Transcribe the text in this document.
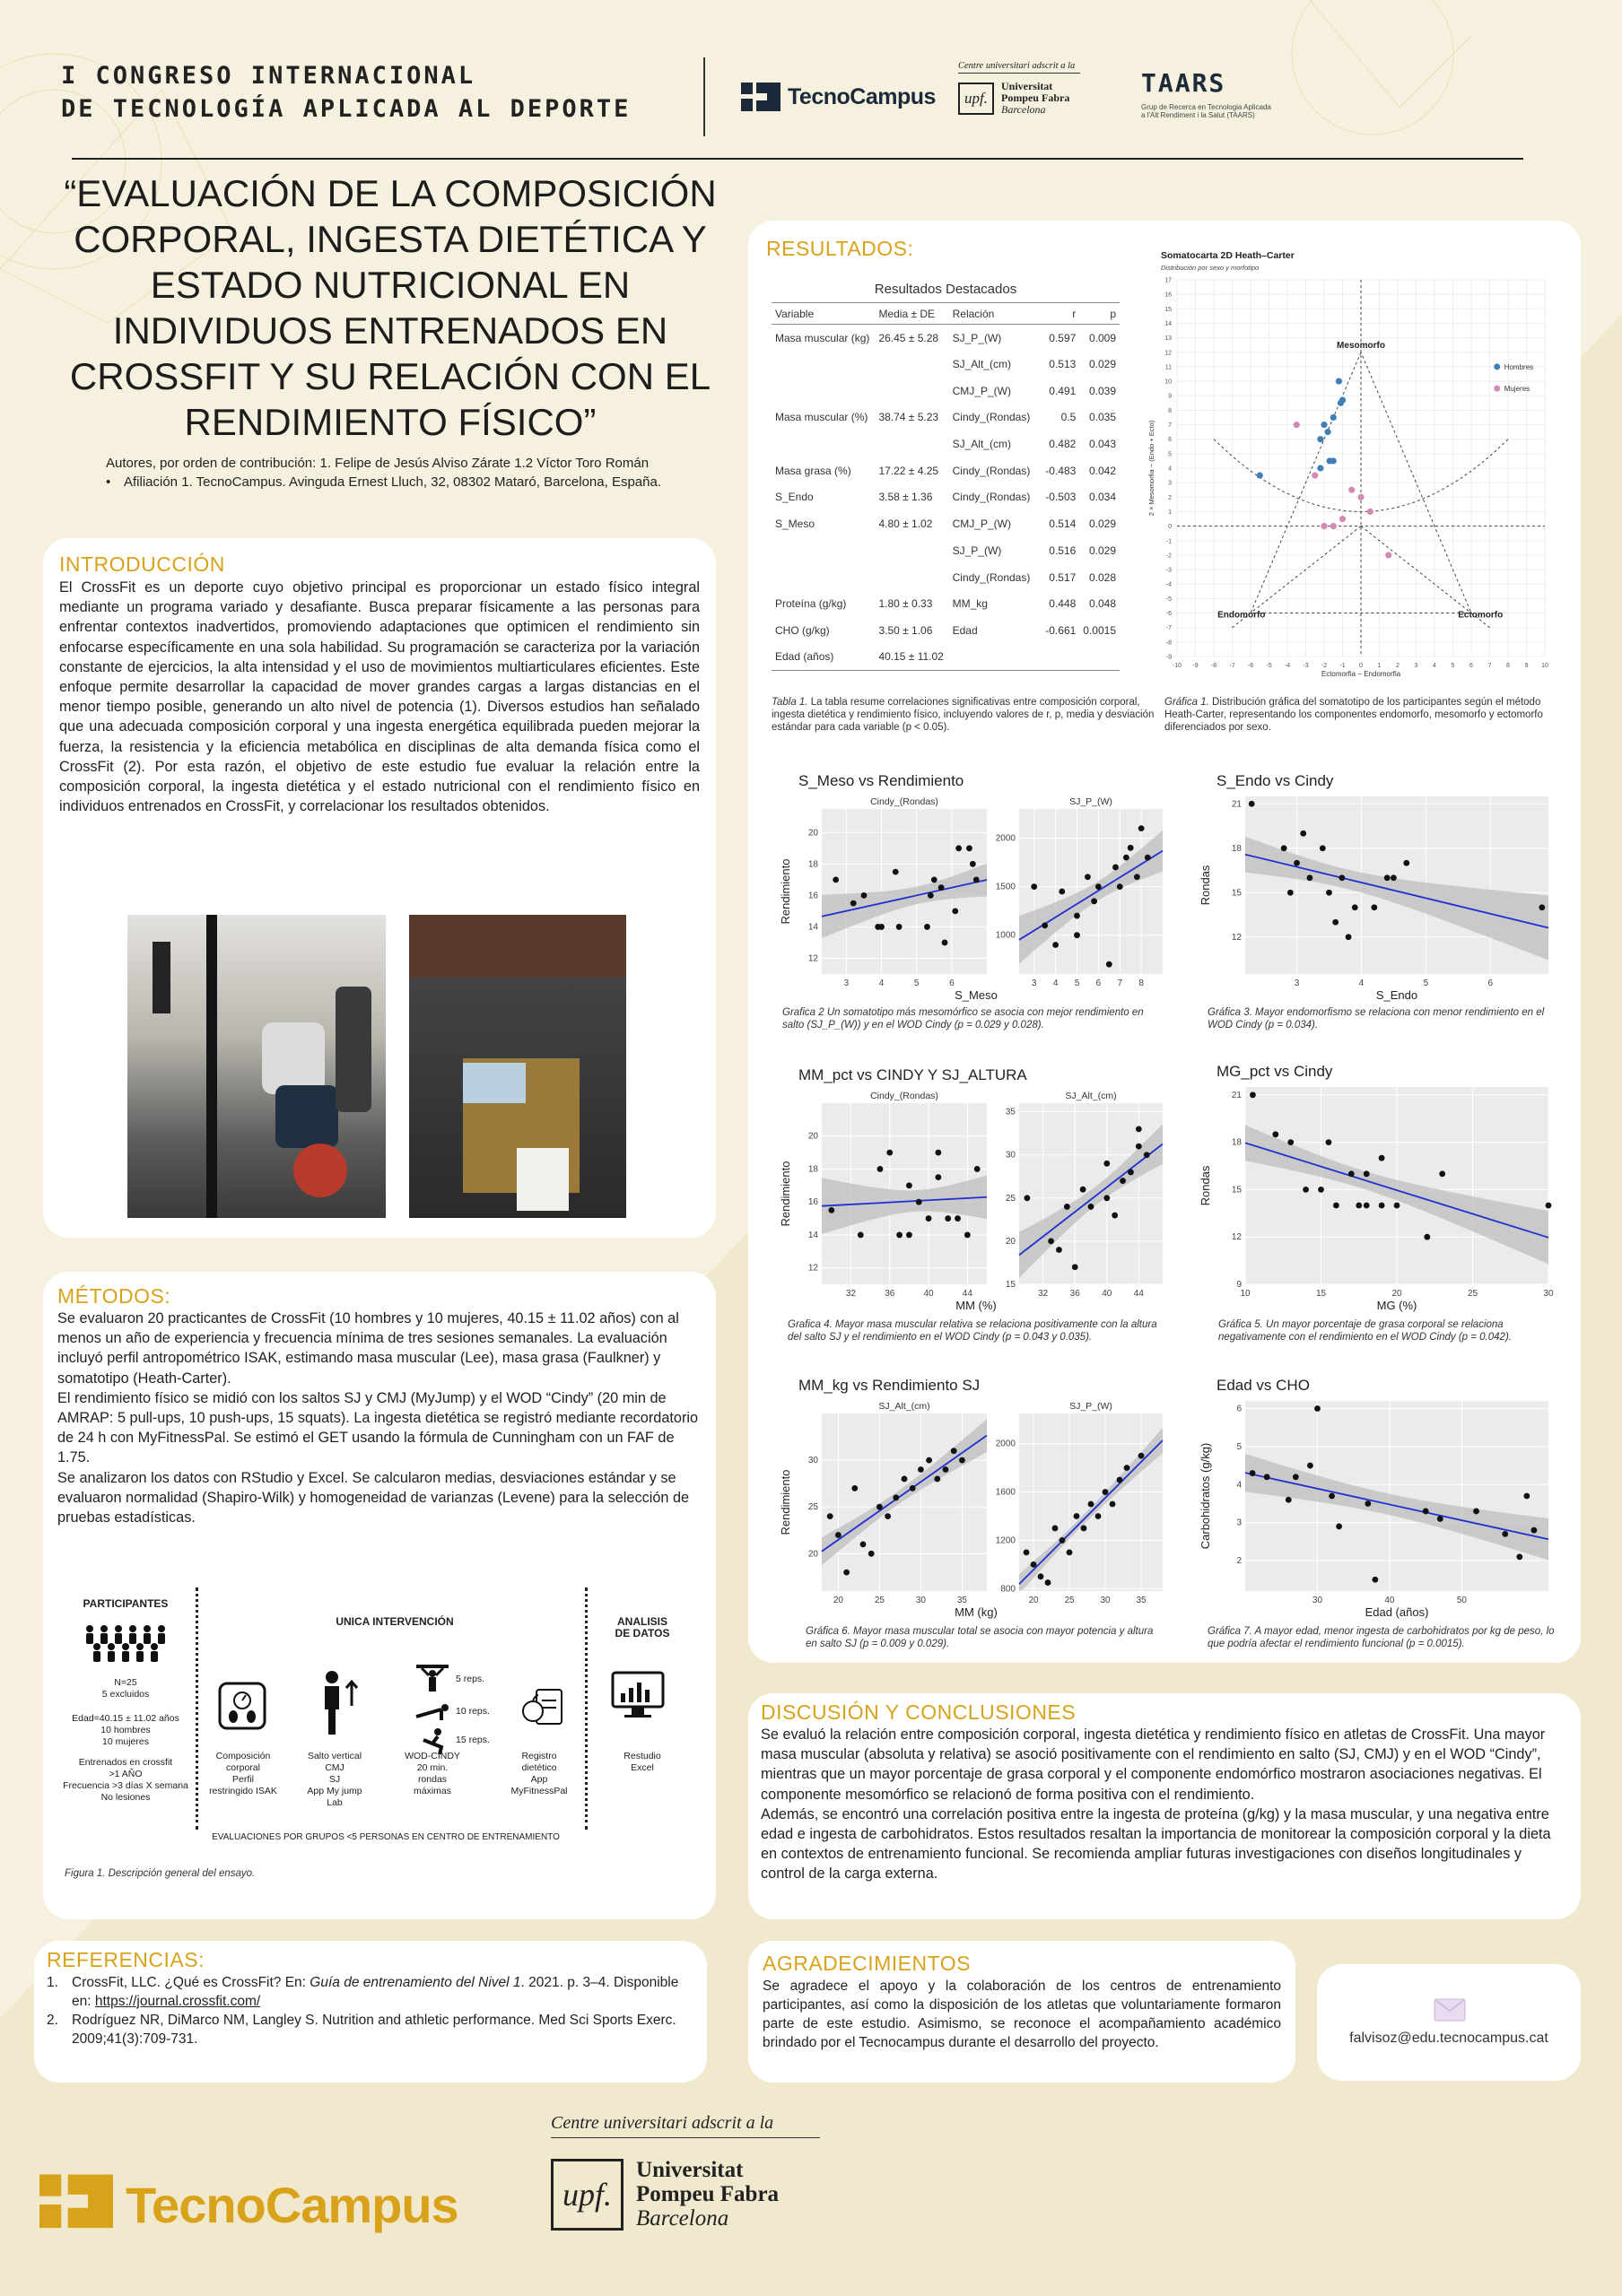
I CONGRESO INTERNACIONAL
DE TECNOLOGÍA APLICADA AL DEPORTE	TecnoCampus
Centre universitari adscrit a la
upf.
Universitat
Pompeu Fabra
Barcelona
TAARS
Grup de Recerca en Tecnologia Aplicada
a l'Alt Rendiment i la Salut (TAARS)
“EVALUACIÓN DE LA COMPOSICIÓN
CORPORAL, INGESTA DIETÉTICA Y
ESTADO NUTRICIONAL EN
INDIVIDUOS ENTRENADOS EN
CROSSFIT Y SU RELACIÓN CON EL
RENDIMIENTO FÍSICO”
Autores, por orden de contribución: 1. Felipe de Jesús Alviso Zárate 1.2 Víctor Toro Román
• Afiliación 1. TecnoCampus. Avinguda Ernest Lluch, 32, 08302 Mataró, Barcelona, España.
INTRODUCCIÓN
El CrossFit es un deporte cuyo objetivo principal es proporcionar un estado físico integral mediante un programa variado y desafiante. Busca preparar físicamente a las personas para enfrentar contextos inadvertidos, promoviendo adaptaciones que optimicen el rendimiento sin enfocarse específicamente en una sola habilidad. Su programación se caracteriza por la variación constante de ejercicios, la alta intensidad y el uso de movimientos multiarticulares eficientes. Este enfoque permite desarrollar la capacidad de mover grandes cargas a largas distancias en el menor tiempo posible, generando un alto nivel de potencia (1). Diversos estudios han señalado que una adecuada composición corporal y una ingesta energética equilibrada pueden mejorar la fuerza, la resistencia y la eficiencia metabólica en disciplinas de alta demanda física como el CrossFit (2). Por esta razón, el objetivo de este estudio fue evaluar la relación entre la composición corporal, la ingesta dietética y el estado nutricional con el rendimiento físico en individuos entrenados en CrossFit, y correlacionar los resultados obtenidos.
MÉTODOS:
Se evaluaron 20 practicantes de CrossFit (10 hombres y 10 mujeres, 40.15 ± 11.02 años) con al menos un año de experiencia y frecuencia mínima de tres sesiones semanales. La evaluación incluyó perfil antropométrico ISAK, estimando masa muscular (Lee), masa grasa (Faulkner) y somatotipo (Heath-Carter).
El rendimiento físico se midió con los saltos SJ y CMJ (MyJump) y el WOD “Cindy” (20 min de AMRAP: 5 pull-ups, 10 push-ups, 15 squats). La ingesta dietética se registró mediante recordatorio de 24 h con MyFitnessPal. Se estimó el GET usando la fórmula de Cunningham con un FAF de 1.75.
Se analizaron los datos con RStudio y Excel. Se calcularon medias, desviaciones estándar y se evaluaron normalidad (Shapiro-Wilk) y homogeneidad de varianzas (Levene) para la selección de pruebas estadísticas.
PARTICIPANTES
N=25
5 excluidos
Edad=40.15 ± 11.02 años
10 hombres
10 mujeres
Entrenados en crossfit
>1 AÑO
Frecuencia >3 días X semana
No lesiones
UNICA INTERVENCIÓN	ANALISIS
DE DATOS
5 reps.
10 reps.
15 reps.
Composición
corporal
Perfil
restringido ISAK
Salto vertical
CMJ
SJ
App My jump
Lab
WOD-CINDY
20 min.
rondas
máximas
Registro
dietético
App
MyFitnessPal
Restudio
Excel
EVALUACIONES POR GRUPOS <5 PERSONAS EN CENTRO DE ENTRENAMIENTO
Figura 1. Descripción general del ensayo.
RESULTADOS:
Resultados Destacados
Variable	Media ± DE	Relación	r	p
Masa muscular (kg)	26.45 ± 5.28	SJ_P_(W)	0.597	0.009
		SJ_Alt_(cm)	0.513	0.029
		CMJ_P_(W)	0.491	0.039
Masa muscular (%)	38.74 ± 5.23	Cindy_(Rondas)	0.5	0.035
		SJ_Alt_(cm)	0.482	0.043
Masa grasa (%)	17.22 ± 4.25	Cindy_(Rondas)	-0.483	0.042
S_Endo	3.58 ± 1.36	Cindy_(Rondas)	-0.503	0.034
S_Meso	4.80 ± 1.02	CMJ_P_(W)	0.514	0.029
		SJ_P_(W)	0.516	0.029
		Cindy_(Rondas)	0.517	0.028
Proteína (g/kg)	1.80 ± 0.33	MM_kg	0.448	0.048
CHO (g/kg)	3.50 ± 1.06	Edad	-0.661	0.0015
Edad (años)	40.15 ± 11.02			
Tabla 1. La tabla resume correlaciones significativas entre composición corporal, ingesta dietética y rendimiento físico, incluyendo valores de r, p, media y desviación estándar para cada variable (p < 0.05).
Somatocarta 2D Heath–Carter
Distribución por sexo y morfotipo
-10 -9 -8 -7 -6 -5 -4 -3 -2 -1 0 1 2 3 4 5 6 7 8 9 10
-9
-8
-7
-6
-5
-4
-3
-2
-1
0
1
2
3
4
5
6
7
8
9
10
11
12
13
14
15
16
17
Mesomorfo
Endomorfo	Ectomorfo
Hombres
Mujeres
Ectomorfia − Endomorfia
2 × Mesomorfia − (Endo + Ecto)
Gráfica 1. Distribución gráfica del somatotipo de los participantes según el método Heath-Carter, representando los componentes endomorfo, mesomorfo y ectomorfo diferenciados por sexo.
S_Meso vs Rendimiento
Rendimiento
3	4	5	6
12
14
16
18
20
Cindy_(Rondas)
3 4 5 6 7 8
1000
1500
2000
SJ_P_(W)
S_Meso
S_Endo vs Cindy
Rondas
3	4	5	6
12
15
18
21
S_Endo
Grafica 2 Un somatotipo más mesomórfico se asocia con mejor rendimiento en salto (SJ_P_(W)) y en el WOD Cindy (p = 0.029 y 0.028).
Gráfica 3. Mayor endomorfismo se relaciona con menor rendimiento en el WOD Cindy (p = 0.034).
MM_pct vs CINDY Y SJ_ALTURA
Rendimiento
32	36	40	44
12
14
16
18
20
Cindy_(Rondas)
32 36 40 44
15
20
25
30
35
SJ_Alt_(cm)
MM (%)
MG_pct vs Cindy
Rondas
10	15	20	25	30
9
12
15
18
21
MG (%)
Grafica 4. Mayor masa muscular relativa se relaciona positivamente con la altura del salto SJ y el rendimiento en el WOD Cindy (p = 0.043 y 0.035).
Gráfica 5. Un mayor porcentaje de grasa corporal se relaciona negativamente con el rendimiento en el WOD Cindy (p = 0.042).
MM_kg vs Rendimiento SJ
Rendimiento
20	25	30	35
20
25
30
SJ_Alt_(cm)
20	25	30	35
800
1200
1600
2000
SJ_P_(W)
MM (kg)
Edad vs CHO
Carbohidratos (g/kg)
30	40	50
2
3
4
5
6
Edad (años)
Gráfica 6. Mayor masa muscular total se asocia con mayor potencia y altura en salto SJ (p = 0.009 y 0.029).
Gráfica 7. A mayor edad, menor ingesta de carbohidratos por kg de peso, lo que podría afectar el rendimiento funcional (p = 0.0015).
DISCUSIÓN Y CONCLUSIONES
Se evaluó la relación entre composición corporal, ingesta dietética y rendimiento físico en atletas de CrossFit. Una mayor masa muscular (absoluta y relativa) se asoció positivamente con el rendimiento en salto (SJ, CMJ) y en el WOD “Cindy”, mientras que un mayor porcentaje de grasa corporal y el componente endomórfico mostraron asociaciones negativas. El componente mesomórfico se relacionó de forma positiva con el rendimiento.
Además, se encontró una correlación positiva entre la ingesta de proteína (g/kg) y la masa muscular, y una negativa entre edad e ingesta de carbohidratos. Estos resultados resaltan la importancia de monitorear la composición corporal y la dieta en contextos de entrenamiento funcional. Se recomienda ampliar futuras investigaciones con diseños longitudinales y control de la carga externa.
REFERENCIAS:
1. CrossFit, LLC. ¿Qué es CrossFit? En: Guía de entrenamiento del Nivel 1. 2021. p. 3–4. Disponible en: https://journal.crossfit.com/
2. Rodríguez NR, DiMarco NM, Langley S. Nutrition and athletic performance. Med Sci Sports Exerc. 2009;41(3):709-731.
AGRADECIMIENTOS
Se agradece el apoyo y la colaboración de los centros de entrenamiento participantes, así como la disposición de los atletas que voluntariamente formaron parte de este estudio. Asimismo, se reconoce el acompañamiento académico brindado por el Tecnocampus durante el desarrollo del proyecto.	falvisoz@edu.tecnocampus.cat
TecnoCampus
Centre universitari adscrit a la
upf.
Universitat
Pompeu Fabra
Barcelona
